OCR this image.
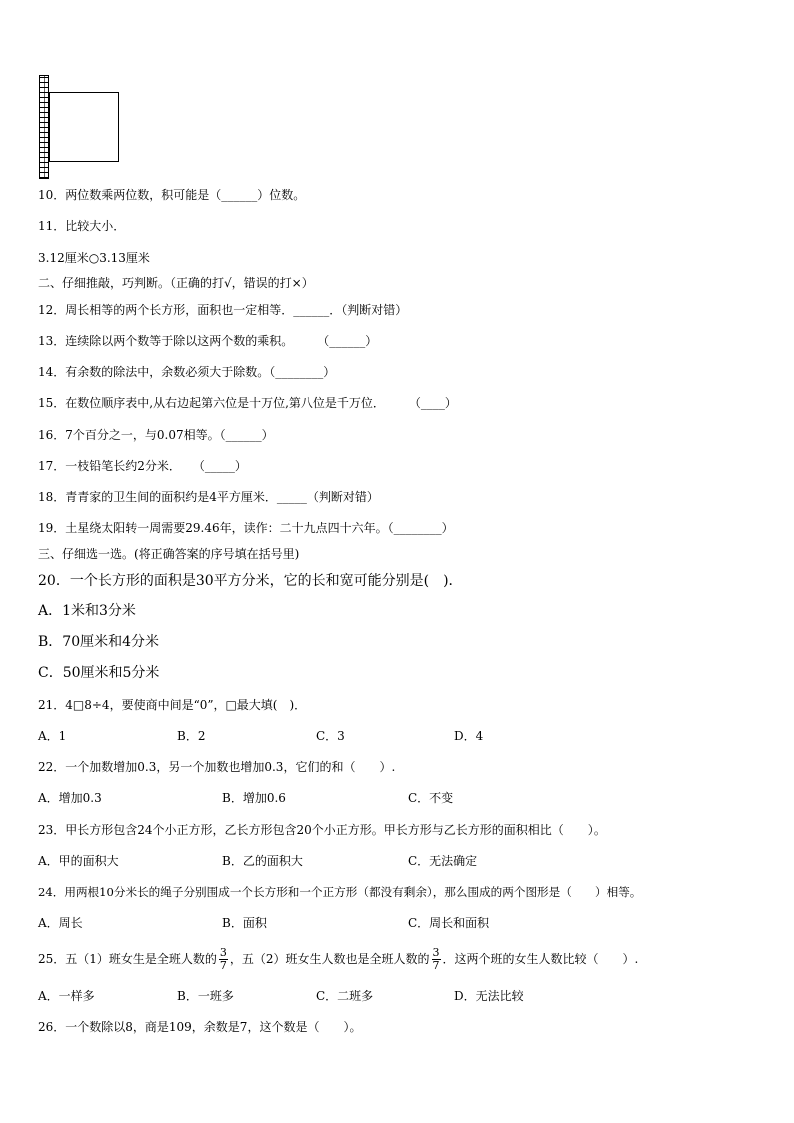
10．两位数乘两位数，积可能是（______）位数。
11．比较大小．
3.12厘米○3.13厘米
二、仔细推敲，巧判断。（正确的打√，错误的打×）
12．周长相等的两个长方形，面积也一定相等．______．（判断对错）
13．连续除以两个数等于除以这两个数的乘积。　　　（______）
14．有余数的除法中，余数必须大于除数。（________）
15．在数位顺序表中,从右边起第六位是十万位,第八位是千万位．　　　（____）
16．7个百分之一，与0.07相等。（______）
17．一枝铅笔长约2分米．　　（_____）
18．青青家的卫生间的面积约是4平方厘米．_____（判断对错）
19．土星绕太阳转一周需要29.46年，读作：二十九点四十六年。（________）
三、仔细选一选。(将正确答案的序号填在括号里)
20．一个长方形的面积是30平方分米，它的长和宽可能分别是(　)．
A．1米和3分米
B．70厘米和4分米
C．50厘米和5分米
21．4□8÷4，要使商中间是“0”，□最大填(　)．
A．1	B．2	C．3	D．4
22．一个加数增加0.3，另一个加数也增加0.3，它们的和（　　）.
A．增加0.3	B．增加0.6	C．不变
23．甲长方形包含24个小正方形，乙长方形包含20个小正方形。甲长方形与乙长方形的面积相比（　　）。
A．甲的面积大	B．乙的面积大	C．无法确定
24．用两根10分米长的绳子分别围成一个长方形和一个正方形（都没有剩余），那么围成的两个图形是（　　）相等。
A．周长	B．面积	C．周长和面积
25．五（1）班女生是全班人数的 $\frac{3}{7}$ ，五（2）班女生人数也是全班人数的 $\frac{3}{7}$ ．这两个班的女生人数比较（　　）.
A．一样多	B．一班多	C．二班多	D．无法比较
26．一个数除以8，商是109，余数是7，这个数是（　　）。
